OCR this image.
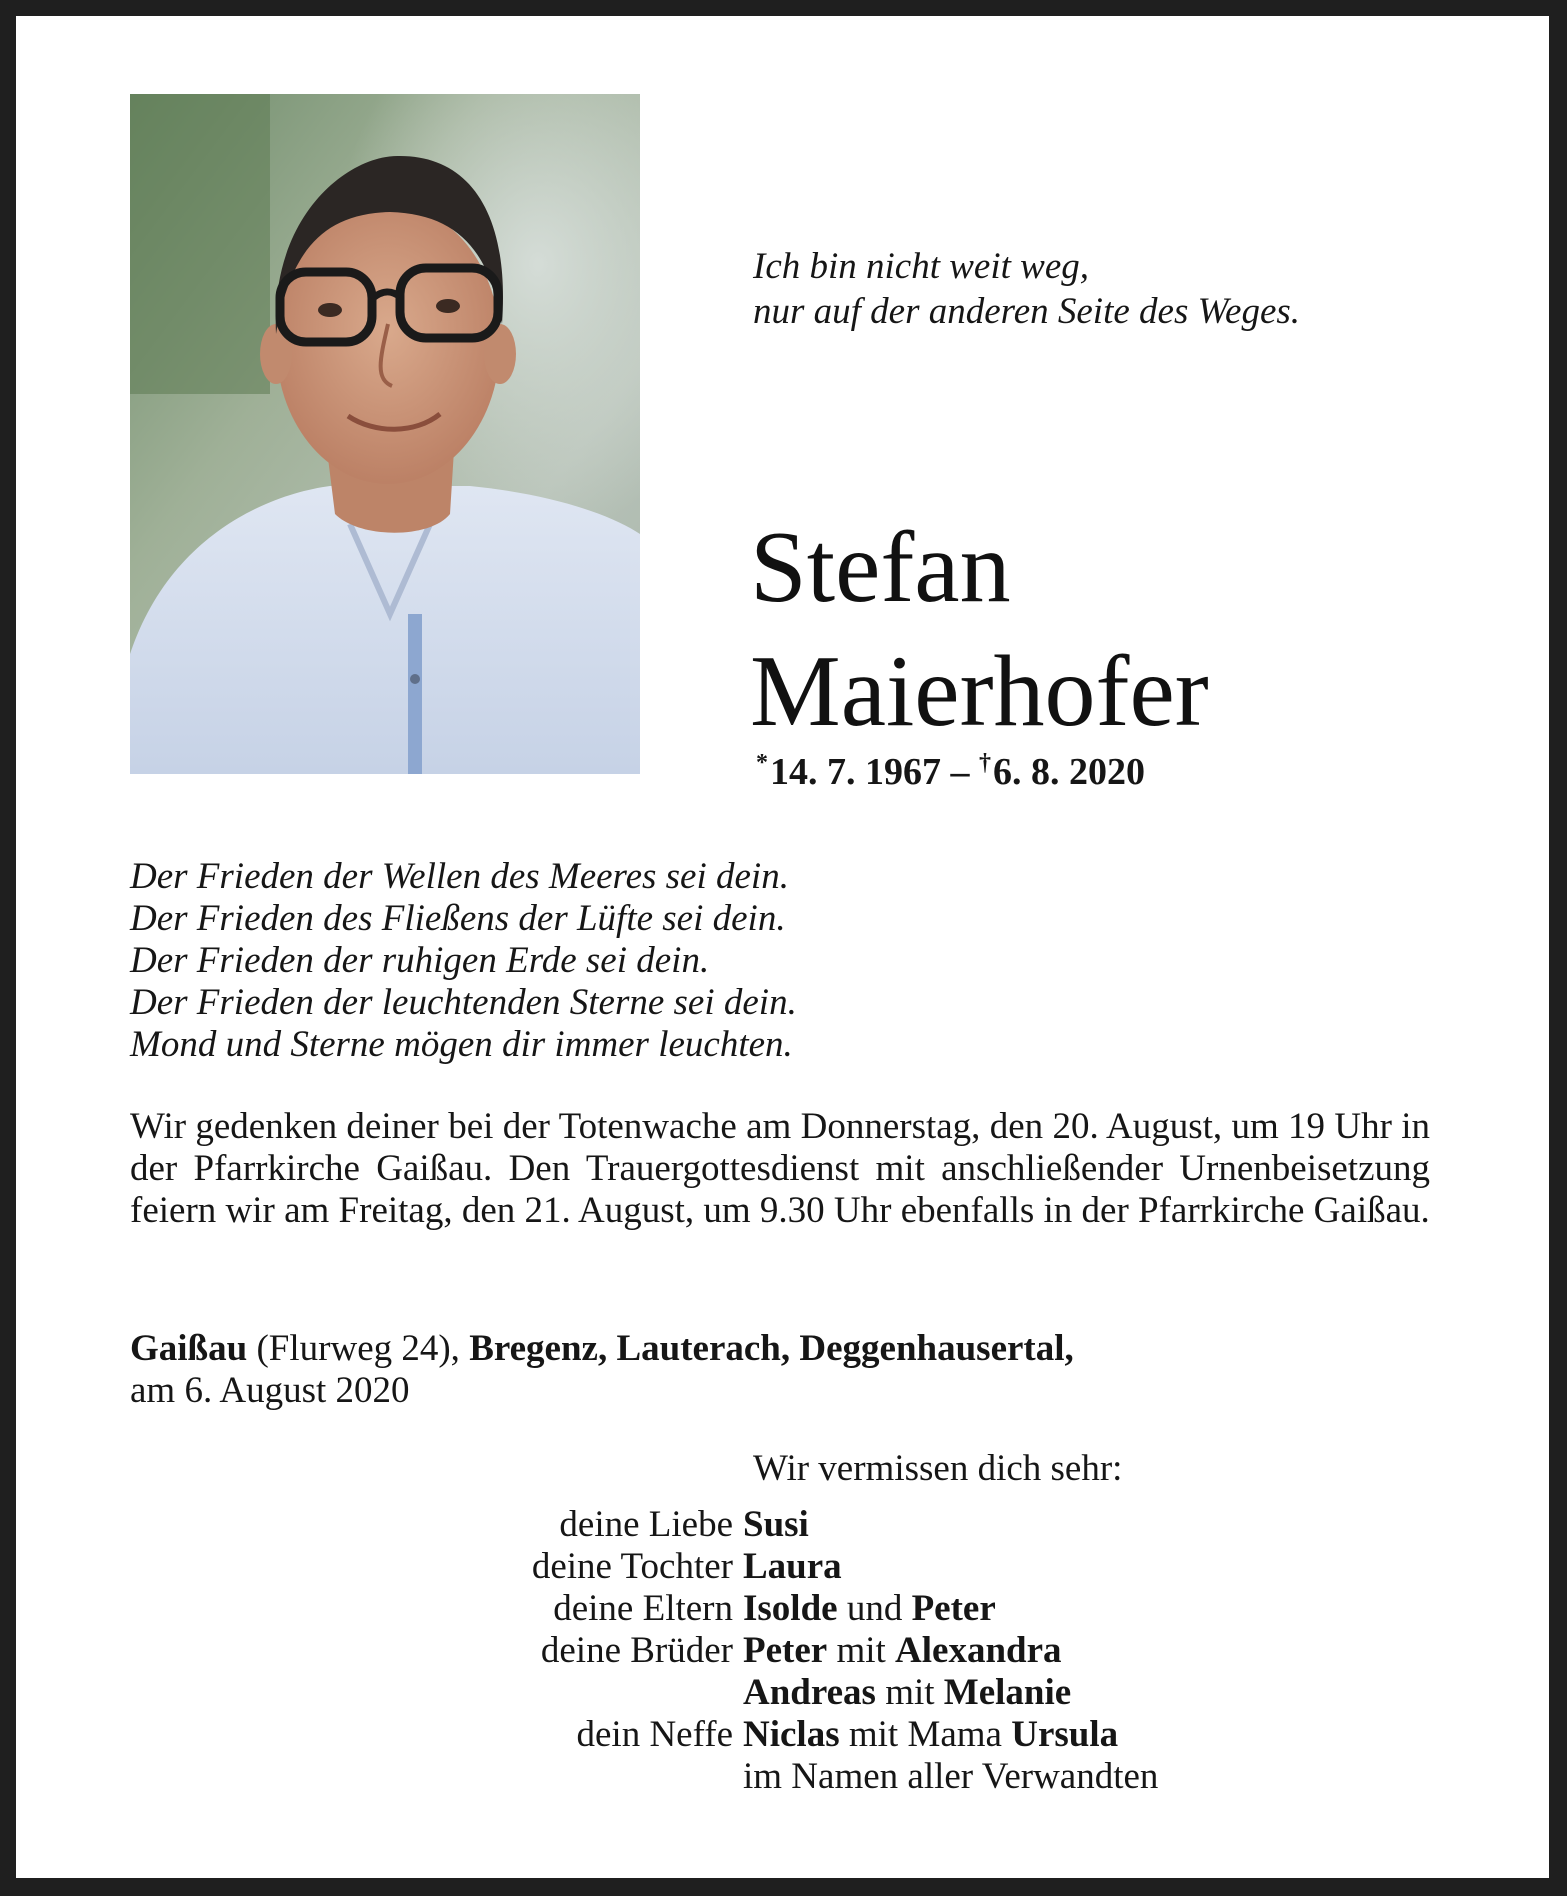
Ich bin nicht weit weg,
nur auf der anderen Seite des Weges.
Stefan
Maierhofer
*14. 7. 1967 – †6. 8. 2020
Der Frieden der Wellen des Meeres sei dein.
Der Frieden des Fließens der Lüfte sei dein.
Der Frieden der ruhigen Erde sei dein.
Der Frieden der leuchtenden Sterne sei dein.
Mond und Sterne mögen dir immer leuchten.

Wir gedenken deiner bei der Totenwache am Donnerstag, den 20. August, um 19 Uhr in der Pfarrkirche Gaißau. Den Trauergottesdienst mit anschließender Urnenbeisetzung feiern wir am Freitag, den 21. August, um 9.30 Uhr ebenfalls in der Pfarrkirche Gaißau.

Gaißau (Flurweg 24), Bregenz, Lauterach, Deggenhausertal,
am 6. August 2020
Wir vermissen dich sehr:
deine Liebe Susi
deine Tochter Laura
deine Eltern Isolde und Peter
deine Brüder Peter mit Alexandra
Andreas mit Melanie
dein Neffe Niclas mit Mama Ursula
im Namen aller Verwandten
